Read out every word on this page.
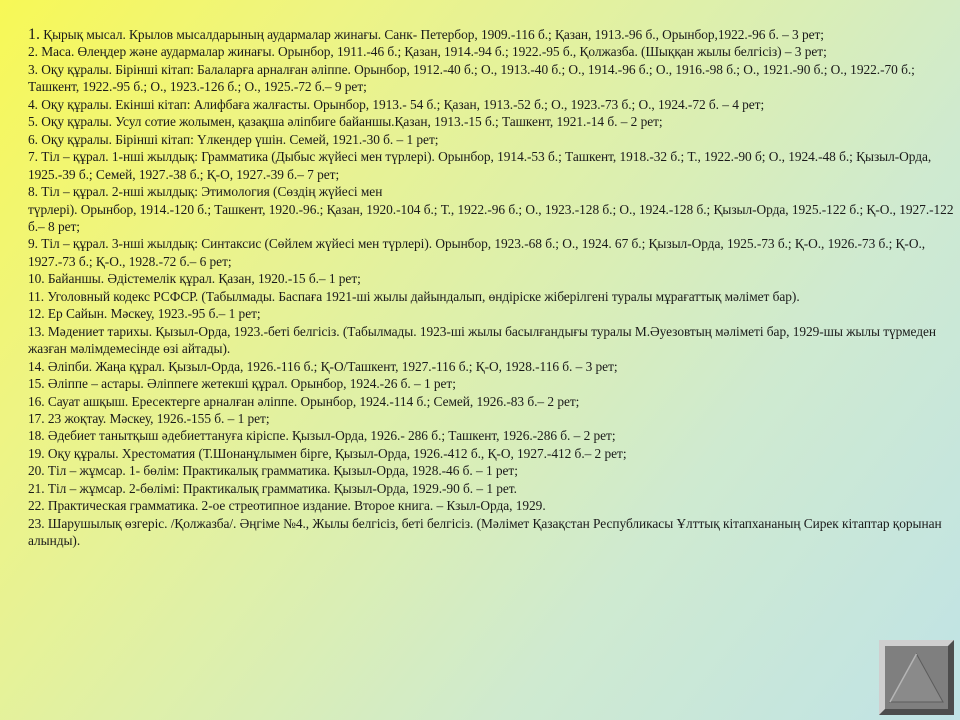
1. Қырық мысал. Крылов мысалдарының аудармалар жинағы. Санк- Петербор, 1909.-116 б.; Қазан, 1913.-96 б., Орынбор,1922.-96 б. – 3 рет;

2. Маса. Өлеңдер және аудармалар жинағы. Орынбор, 1911.-46 б.; Қазан, 1914.-94 б.; 1922.-95 б., Қолжазба. (Шыққан жылы белгісіз) – 3 рет;

3. Оқу құралы. Бірінші кітап: Балаларға арналған әліппе. Орынбор, 1912.-40 б.; О., 1913.-40 б.; О., 1914.-96 б.; О., 1916.-98 б.; О., 1921.-90 б.; О., 1922.-70 б.; Ташкент, 1922.-95 б.; О., 1923.-126 б.; О., 1925.-72 б.– 9 рет;

4. Оқу құралы. Екінші кітап: Алифбаға жалғасты. Орынбор, 1913.- 54 б.; Қазан, 1913.-52 б.; О., 1923.-73 б.; О., 1924.-72 б. – 4 рет;

5. Оқу құралы. Усул сотие жолымен, қазақша әліпбиге байаншы.Қазан, 1913.-15 б.; Ташкент, 1921.-14 б. – 2 рет;

6. Оқу құралы. Бірінші кітап: Үлкендер үшін. Семей, 1921.-30 б. – 1 рет;

7. Тіл – құрал. 1-нші жылдық: Грамматика (Дыбыс жүйесі мен түрлері). Орынбор, 1914.-53 б.; Ташкент, 1918.-32 б.; Т., 1922.-90 б; О., 1924.-48 б.; Қызыл-Орда, 1925.-39 б.; Семей, 1927.-38 б.; Қ-О, 1927.-39 б.– 7 рет;

8. Тіл – құрал. 2-нші жылдық: Этимология (Сөздің жүйесі мен
түрлері). Орынбор, 1914.-120 б.; Ташкент, 1920.-96.; Қазан, 1920.-104 б.; Т., 1922.-96 б.; О., 1923.-128 б.; О., 1924.-128 б.; Қызыл-Орда, 1925.-122 б.; Қ-О., 1927.-122 б.– 8 рет;

9. Тіл – құрал. 3-нші жылдық: Синтаксис (Сөйлем жүйесі мен түрлері). Орынбор, 1923.-68 б.; О., 1924. 67 б.; Қызыл-Орда, 1925.-73 б.; Қ-О., 1926.-73 б.; Қ-О., 1927.-73 б.; Қ-О., 1928.-72 б.– 6 рет;

10. Байаншы. Әдістемелік құрал. Қазан, 1920.-15 б.– 1 рет;

11. Уголовный кодекс РСФСР. (Табылмады. Баспаға 1921-ші жылы дайындалып, өндіріске жіберілгені туралы мұрағаттық мәлімет бар).

12. Ер Сайын. Мәскеу, 1923.-95 б.– 1 рет;

13. Мәдениет тарихы. Қызыл-Орда, 1923.-беті белгісіз. (Табылмады. 1923-ші жылы басылғандығы туралы М.Әуезовтың мәліметі бар, 1929-шы жылы түрмеден жазған мәлімдемесінде өзі айтады).

14. Әліпби. Жаңа құрал. Қызыл-Орда, 1926.-116 б.; Қ-О/Ташкент, 1927.-116 б.; Қ-О, 1928.-116 б. – 3 рет;

15. Әліппе – астары. Әліппеге жетекші құрал. Орынбор, 1924.-26 б. – 1 рет;

16. Сауат ашқыш. Ересектерге арналған әліппе. Орынбор, 1924.-114 б.; Семей, 1926.-83 б.– 2 рет;

17. 23 жоқтау. Мәскеу, 1926.-155 б. – 1 рет;

18. Әдебиет танытқыш әдебиеттануға кіріспе. Қызыл-Орда, 1926.- 286 б.; Ташкент, 1926.-286 б. – 2 рет;

19. Оқу құралы. Хрестоматия (Т.Шонанұлымен бірге, Қызыл-Орда, 1926.-412 б., Қ-О, 1927.-412 б.– 2 рет;

20. Тіл – жұмсар. 1- бөлім: Практикалық грамматика. Қызыл-Орда, 1928.-46 б. – 1 рет;

21. Тіл – жұмсар. 2-бөлімі: Практикалық грамматика. Қызыл-Орда, 1929.-90 б. – 1 рет.

22. Практическая грамматика. 2-ое стреотипное издание. Второе книга. – Кзыл-Орда, 1929.

23. Шарушылық өзгеріс. /Қолжазба/. Әңгіме №4., Жылы белгісіз, беті белгісіз. (Мәлімет Қазақстан Республикасы Ұлттық кітапхананың Сирек кітаптар қорынан алынды).
